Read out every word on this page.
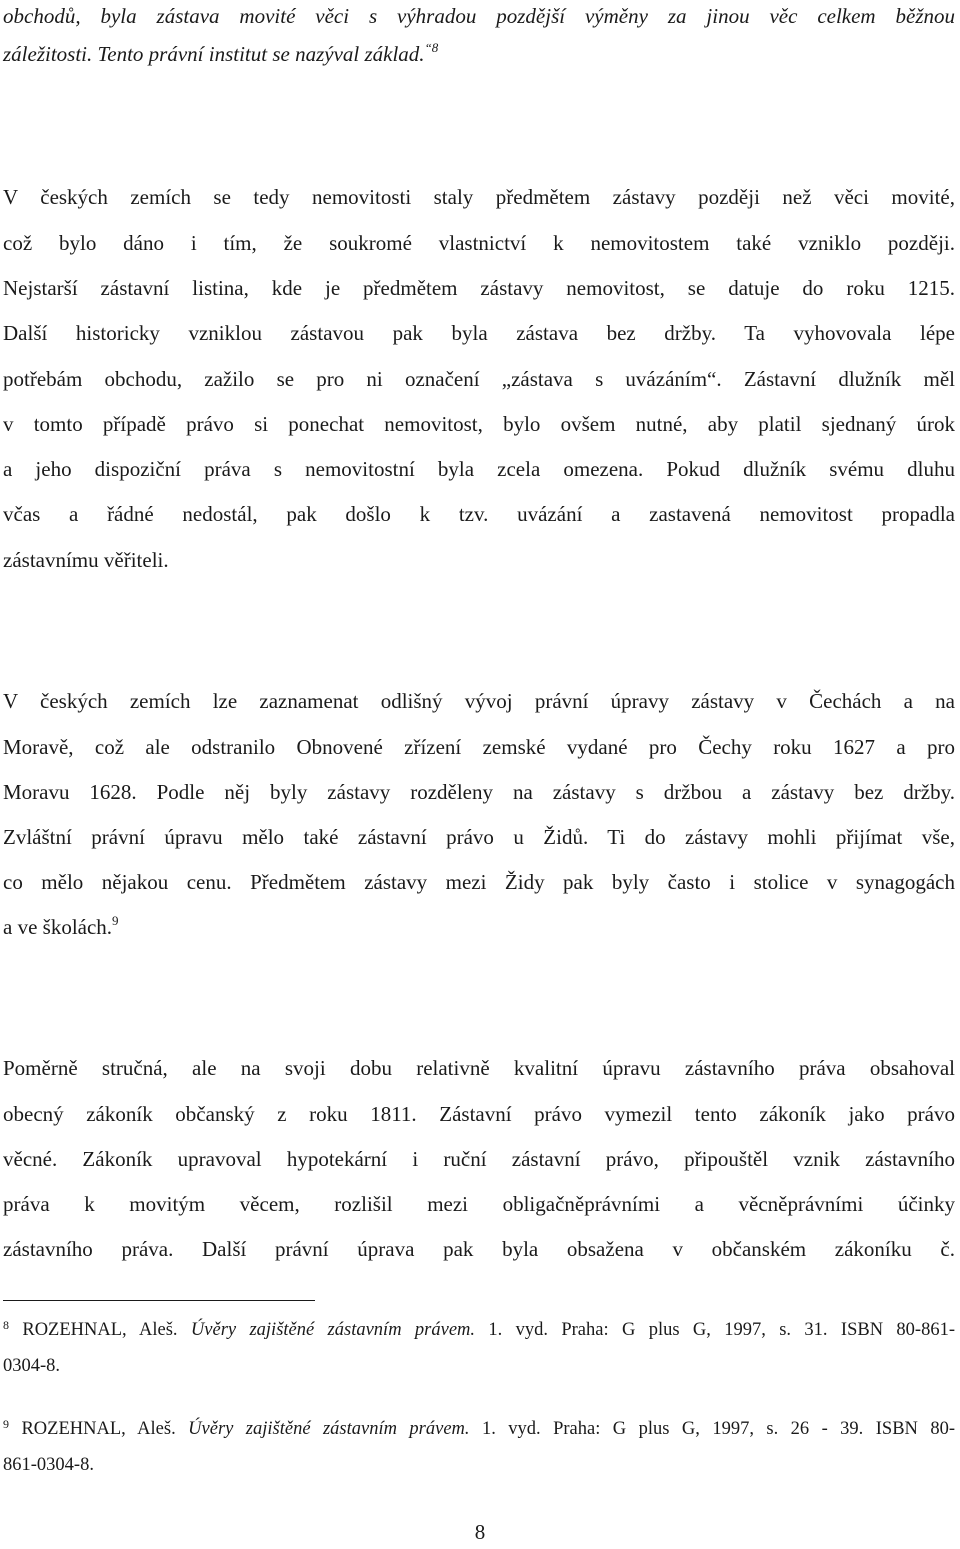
obchodů, byla zástava movité věci s výhradou pozdější výměny za jinou věc celkem běžnou
záležitosti. Tento právní institut se nazýval základ.$^{“8}$
V českých zemích se tedy nemovitosti staly předmětem zástavy později než věci movité,
což bylo dáno i tím, že soukromé vlastnictví k nemovitostem také vzniklo později.
Nejstarší zástavní listina, kde je předmětem zástavy nemovitost, se datuje do roku 1215.
Další historicky vzniklou zástavou pak byla zástava bez držby. Ta vyhovovala lépe
potřebám obchodu, zažilo se pro ni označení „zástava s uvázáním“. Zástavní dlužník měl
v tomto případě právo si ponechat nemovitost, bylo ovšem nutné, aby platil sjednaný úrok
a jeho dispoziční práva s nemovitostní byla zcela omezena. Pokud dlužník svému dluhu
včas a řádné nedostál, pak došlo k tzv. uvázání a zastavená nemovitost propadla
zástavnímu věřiteli.
V českých zemích lze zaznamenat odlišný vývoj právní úpravy zástavy v Čechách a na
Moravě, což ale odstranilo Obnovené zřízení zemské vydané pro Čechy roku 1627 a pro
Moravu 1628. Podle něj byly zástavy rozděleny na zástavy s držbou a zástavy bez držby.
Zvláštní právní úpravu mělo také zástavní právo u Židů. Ti do zástavy mohli přijímat vše,
co mělo nějakou cenu. Předmětem zástavy mezi Židy pak byly často i stolice v synagogách
a ve školách.$^9$
Poměrně stručná, ale na svoji dobu relativně kvalitní úpravu zástavního práva obsahoval
obecný zákoník občanský z roku 1811. Zástavní právo vymezil tento zákoník jako právo
věcné. Zákoník upravoval hypotekární i ruční zástavní právo, připouštěl vznik zástavního
práva k movitým věcem, rozlišil mezi obligačněprávními a věcněprávními účinky
zástavního práva. Další právní úprava pak byla obsažena v občanském zákoníku č.
$^8$ ROZEHNAL, Aleš. Úvěry zajištěné zástavním právem. 1. vyd. Praha: G plus G, 1997, s. 31. ISBN 80-861-
0304-8.
$^9$ ROZEHNAL, Aleš. Úvěry zajištěné zástavním právem. 1. vyd. Praha: G plus G, 1997, s. 26 - 39. ISBN 80-
861-0304-8.
8
